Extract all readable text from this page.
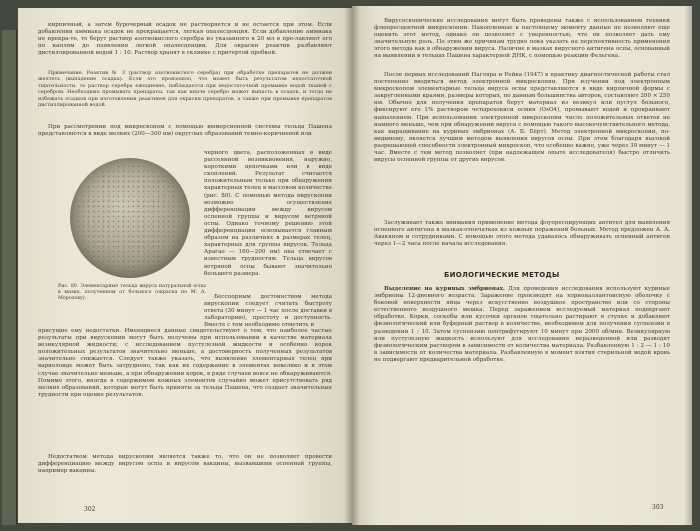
кирпичный, а затем бурочерный осадок не растворяется и не остается при этом. Если добавлении аммиака осадок не прекращается, легкая опалесценция. Если добавление аммиака не прекра-то, то берут раствор азотнокислого серебра из указанного в 20 мл в про-лавляют его по каплям до появления легкой опалесценции. Для окраски реактив разбавляют дистиллированной водой 1 : 10. Раствор хранят в склянке с притертой пробкой.

Примечание. Реактив № 3 (раствор азотнокислого серебра) при обработке препаратов не должен желтеть (выпадение осадка). Если это произошло, что может быть результатом недостаточной тщательности, то раствор серебра ежедневно, наблюдается при недостаточной промывке водой тканей с серебром. Необходимо промывать препараты, так как иначе серебро может выпасть в осадок, и тогда не избежать осадков при изготовлении реактивов для окраски препаратов, а также при промывке препаратов дистиллированной водой.

При рассмотрении под микроскопом с помощью иммерсионной системы тельца Пашена представляются в виде мелких (200—300 нм) округлых образований темно-коричневой или

черного цвета, расположенных в виде рассеянной возникновения, наружно, короткими цепочками или в виде скоплений. Результат считается положительным только при обнаружении характерных телец в массовом количестве (рис. 80). С помощью метода вирускопии возможно осуществление дифференциации между вирусом оспенной группы и вирусом ветряной оспы. Однако точному решению этой дифференциации основывается главным образом на различиях в размерах телец, характерных для группы вирусов. Тельца Арагао — 160—200 нм) она отвечает с известным трудностям. Тельца вирусов ветряной оспы бывают значительно большего размера.

Бесспорным достоинством метода вирускопии следует считать быстроту ответа (30 минут — 1 час после доставки в лабораторию), простоту и доступность. Вместе с тем необходимо отметить и

Рис. 80. Элементарные тельца вируса натуральной оспы в мазке, полученном от больного (окраска по М. А. Морозову).

присущие ему недостатки. Имеющиеся данные свидетельствуют о том, что наиболее частые результаты при вирускопии могут быть получены при использовании в качестве материала везикулярной жидкости; с исследованием пустулезной жидкости и особенно корок положительных результатов значительно меньше, а достоверность полученных результатов значительно снижается. Следует также указать, что выявление элементарных телец при вариолоиде может быть затруднено, так как их содержание в элементах невелико и в этом случае значительно меньше, а при обнаружении корок, в ряде случаев вовсе не обнаруживаются. Помимо этого, иногда в содержимом кожных элементов случайно может присутствовать ряд мелких образований, которые могут быть приняты за тельца Пашена, что создает значительные трудности при оценке результатов.

Недостатком метода вирускопии является также то, что он не позволяет провести дифференциацию между вирусом оспы и вирусом вакцины, вызвавшими оспенной группы, например вакцины.

302

Вирусоскопические исследования могут быть проведены также с использованием техники флюоресцентной микроскопии. Накопленные к настоящему моменту данные не позволяют еще оценить этот метод, однако он позволяет с уверенностью, что он позволяет дать ему значительную роль. По этим же причинам трудно пока указать на перспективность применения этого метода как в обнаружении вируса. Наличие в мазках вирусного антигена оспы, основанный на выявлении в тельцах Пашена характерной ДНК, с помощью реакции Фельгена.

После первых исследований Нагляра и Рейка (1947) в практику диагностической работы стал постепенно вводиться метод электронной микроскопии. При изучении под электронным микроскопом элементарные тельца вируса оспы представляются в виде кирпичной формы с закругленными краями, размеры которых, по данным большинства авторов, составляют 200 × 250 нм. Обычно для получения препаратов берут материал из везикул или пустул больного, фиксируют его 1% раствором четырехокиси осмия (OsO4), промывают водой и прокраивают напылением. При использовании электронной микроскопии число положительных ответов не намного меньше, чем при обнаружении вируса с помощью такого высокочувствительного метода, как выращивание на куриных эмбрионах (А. Б. Бёрт). Метод электронной микроскопии, по-видимому, является лучшим методом выявления вирусов оспы. При этом благодаря высокой разрешающей способности электронный микроскоп, что особенно важно, уже через 30 минут — 1 час. Вместе с тем метод позволяет (при надлежащем опыте исследователя) быстро отличить вирусы оспенной группы от других вирусов.

Заслуживает также внимания применение метода флуоресцирующих антител для выявления оспенного антигена в мазках-отпечатках из кожных поражений больных. Метод предложен А. А. Авакяном и сотрудниками. С помощью этого метода удавалось обнаруживать оспенный антиген через 1—2 часа после начала исследования.

БИОЛОГИЧЕСКИЕ МЕТОДЫ

Выделение на куриных эмбрионах. Для проведения исследования используют куриные эмбрионы 12-дневного возраста. Заражение производят на хорионаллантоисную оболочку с боковой поверхности яйца через искусственно воздушное пространство или со стороны естественного воздушного мешка. Перед заражением исследуемый материал подвергают обработке. Корки, соскобы или кусочки органов тщательно растирают в ступке и добавляют физиологический или буферный раствор в количестве, необходимом для получения суспензии в разведении 1 : 10. Затем суспензию центрифугируют 10 минут при 2000 об/мин. Везикулярную или пустулезную жидкость используют для исследования неразведенной или разводят физиологическим раствором в зависимости от количества материала. Разбавленную 1 : 2 — 1 : 10 в зависимости от количества материала. Разбавленную в момент взятия стерильной водой кровь не подвергают предварительной обработке.

303
